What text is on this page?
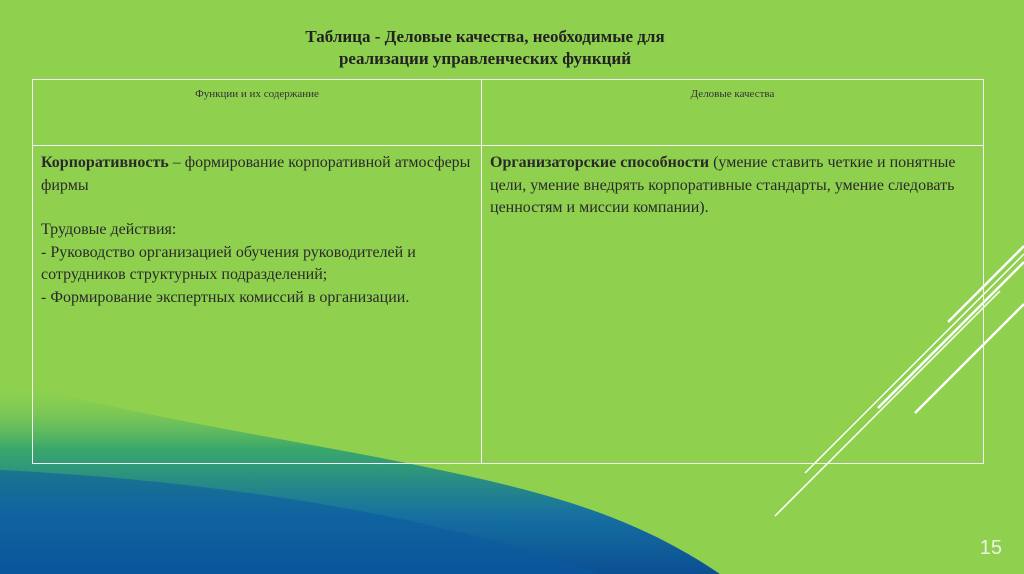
Таблица - Деловые качества, необходимые для
реализации управленческих функций
Функции и их содержание	Деловые качества

Корпоративность – формирование корпоративной атмосферы фирмы
Трудовые действия:
- Руководство организацией обучения руководителей и сотрудников структурных подразделений;
- Формирование экспертных комиссий в организации.	Организаторские способности (умение ставить четкие и понятные цели, умение внедрять корпоративные стандарты, умение следовать ценностям и миссии компании).
15
